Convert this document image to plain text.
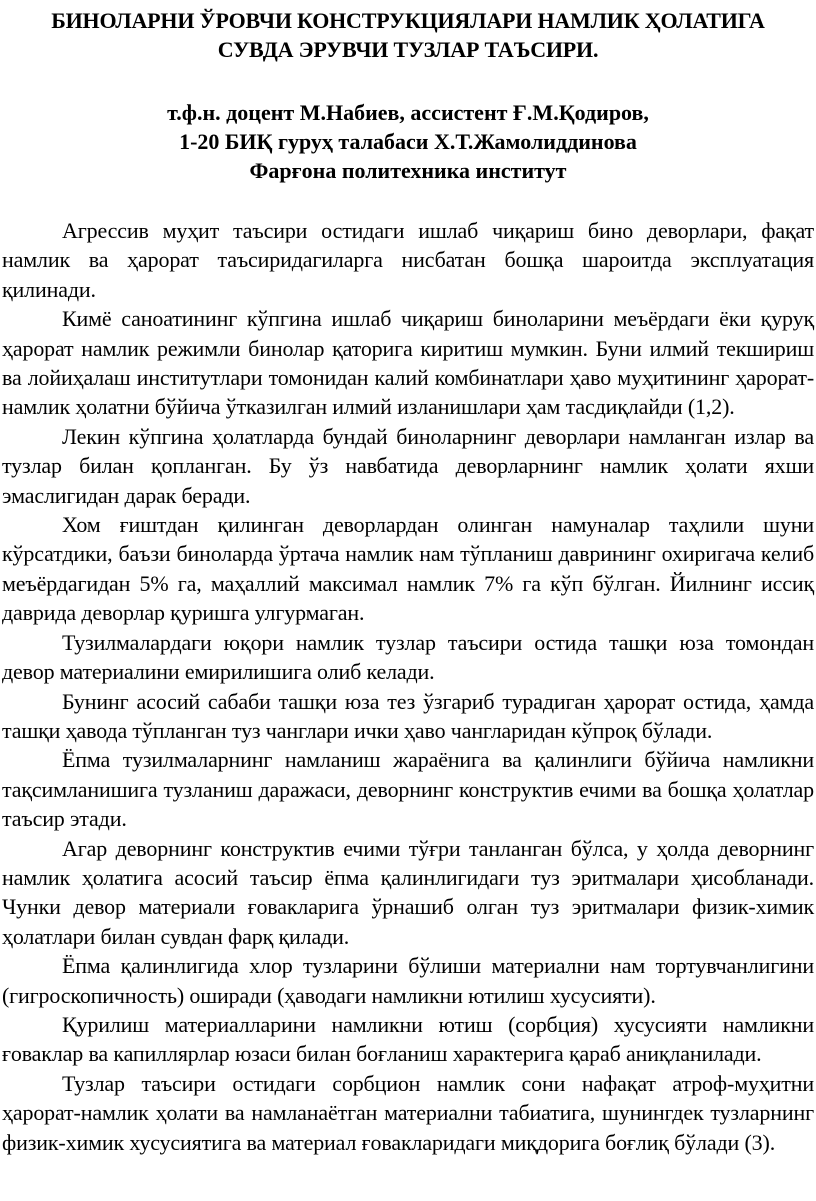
БИНОЛАРНИ ЎРОВЧИ КОНСТРУКЦИЯЛАРИ НАМЛИК ҲОЛАТИГА
СУВДА ЭРУВЧИ ТУЗЛАР ТАЪСИРИ.
т.ф.н. доцент М.Набиев, ассистент Ғ.М.Қодиров,
1-20 БИҚ гуруҳ талабаси Х.Т.Жамолиддинова
Фарғона политехника институт

Агрессив муҳит таъсири остидаги ишлаб чиқариш бино деворлари, фақат намлик ва ҳарорат таъсиридагиларга нисбатан бошқа шароитда эксплуатация қилинади.

Кимё саноатининг кўпгина ишлаб чиқариш биноларини меъёрдаги ёки қуруқ ҳарорат намлик режимли бинолар қаторига киритиш мумкин. Буни илмий текшириш ва лойиҳалаш институтлари томонидан калий комбинатлари ҳаво муҳитининг ҳарорат-намлик ҳолатни бўйича ўтказилган илмий изланишлари ҳам тасдиқлайди (1,2).

Лекин кўпгина ҳолатларда бундай биноларнинг деворлари намланган излар ва тузлар билан қопланган. Бу ўз навбатида деворларнинг намлик ҳолати яхши эмаслигидан дарак беради.

Хом ғиштдан қилинган деворлардан олинган намуналар таҳлили шуни кўрсатдики, баъзи биноларда ўртача намлик нам тўпланиш даврининг охиригача келиб меъёрдагидан 5% га, маҳаллий максимал намлик 7% га кўп бўлган. Йилнинг иссиқ даврида деворлар қуришга улгурмаган.

Тузилмалардаги юқори намлик тузлар таъсири остида ташқи юза томондан девор материалини емирилишига олиб келади.

Бунинг асосий сабаби ташқи юза тез ўзгариб турадиган ҳарорат остида, ҳамда ташқи ҳавода тўпланган туз чанглари ички ҳаво чангларидан кўпроқ бўлади.

Ёпма тузилмаларнинг намланиш жараёнига ва қалинлиги бўйича намликни тақсимланишига тузланиш даражаси, деворнинг конструктив ечими ва бошқа ҳолатлар таъсир этади.

Агар деворнинг конструктив ечими тўғри танланган бўлса, у ҳолда деворнинг намлик ҳолатига асосий таъсир ёпма қалинлигидаги туз эритмалари ҳисобланади. Чунки девор материали ғовакларига ўрнашиб олган туз эритмалари физик-химик ҳолатлари билан сувдан фарқ қилади.

Ёпма қалинлигида хлор тузларини бўлиши материални нам тортувчанлигини (гигроскопичность) оширади (ҳаводаги намликни ютилиш хусусияти).

Қурилиш материалларини намликни ютиш (сорбция) хусусияти намликни ғоваклар ва капиллярлар юзаси билан боғланиш характерига қараб аниқланилади.

Тузлар таъсири остидаги сорбцион намлик сони нафақат атроф-муҳитни ҳарорат-намлик ҳолати ва намланаётган материални табиатига, шунингдек тузларнинг физик-химик хусусиятига ва материал ғовакларидаги миқдорига боғлиқ бўлади (3).
